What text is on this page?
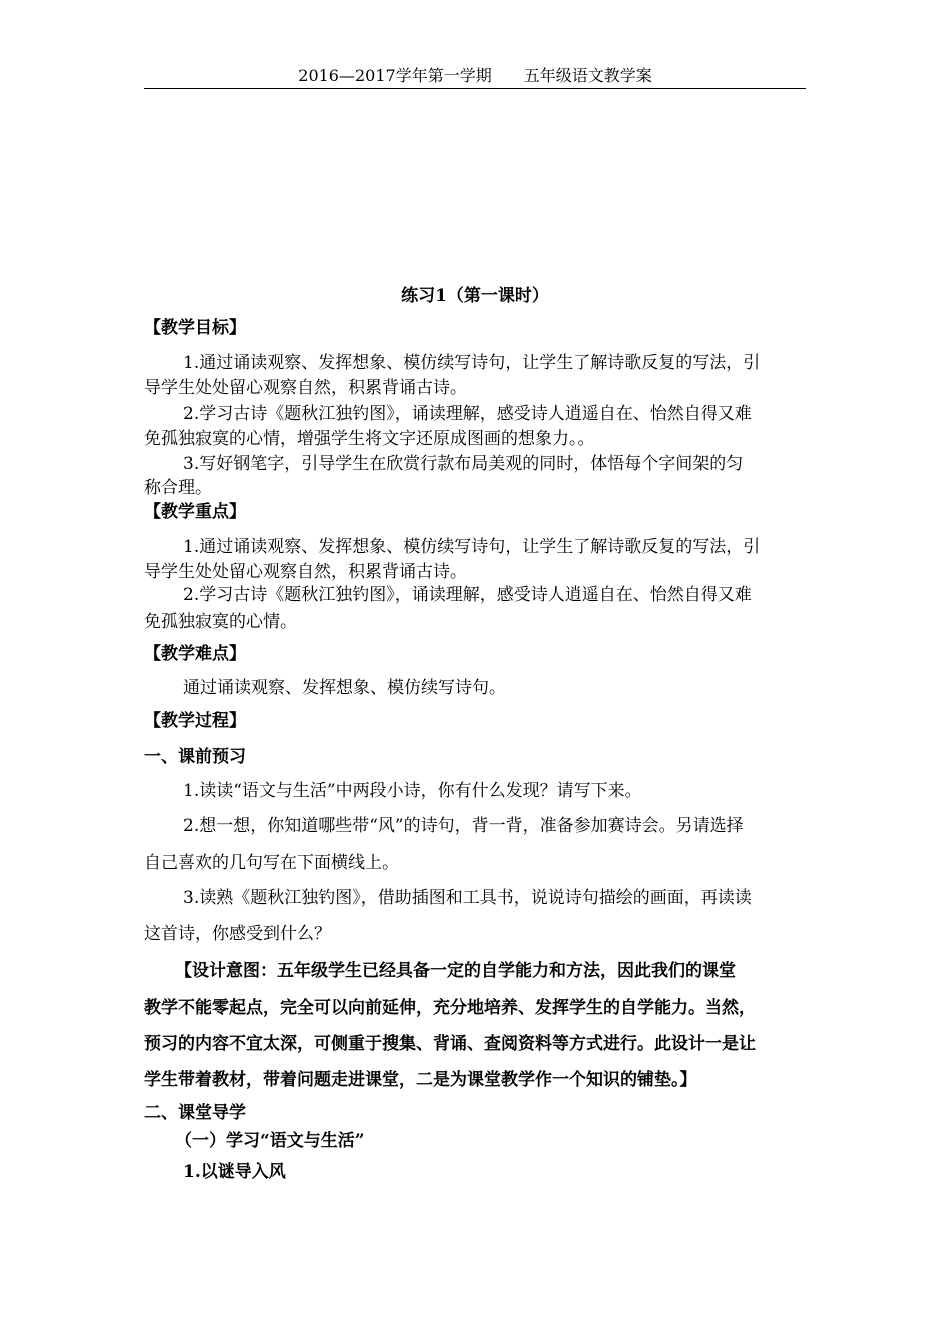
2016—2017学年第一学期　　五年级语文教学案
练习1（第一课时）
【教学目标】
1.通过诵读观察、发挥想象、模仿续写诗句，让学生了解诗歌反复的写法，引
导学生处处留心观察自然，积累背诵古诗。
2.学习古诗《题秋江独钓图》，诵读理解，感受诗人逍遥自在、怡然自得又难
免孤独寂寞的心情，增强学生将文字还原成图画的想象力。。
3.写好钢笔字，引导学生在欣赏行款布局美观的同时，体悟每个字间架的匀
称合理。
【教学重点】
1.通过诵读观察、发挥想象、模仿续写诗句，让学生了解诗歌反复的写法，引
导学生处处留心观察自然，积累背诵古诗。
2.学习古诗《题秋江独钓图》，诵读理解，感受诗人逍遥自在、怡然自得又难
免孤独寂寞的心情。
【教学难点】
通过诵读观察、发挥想象、模仿续写诗句。
【教学过程】
一、课前预习
1.读读“语文与生活”中两段小诗，你有什么发现？请写下来。
2.想一想，你知道哪些带“风”的诗句，背一背，准备参加赛诗会。另请选择
自己喜欢的几句写在下面横线上。
3.读熟《题秋江独钓图》，借助插图和工具书，说说诗句描绘的画面，再读读
这首诗，你感受到什么？
【设计意图：五年级学生已经具备一定的自学能力和方法，因此我们的课堂
教学不能零起点，完全可以向前延伸，充分地培养、发挥学生的自学能力。当然，
预习的内容不宜太深，可侧重于搜集、背诵、查阅资料等方式进行。此设计一是让
学生带着教材，带着问题走进课堂，二是为课堂教学作一个知识的铺垫。】
二、课堂导学
（一）学习“语文与生活”
1.以谜导入风
